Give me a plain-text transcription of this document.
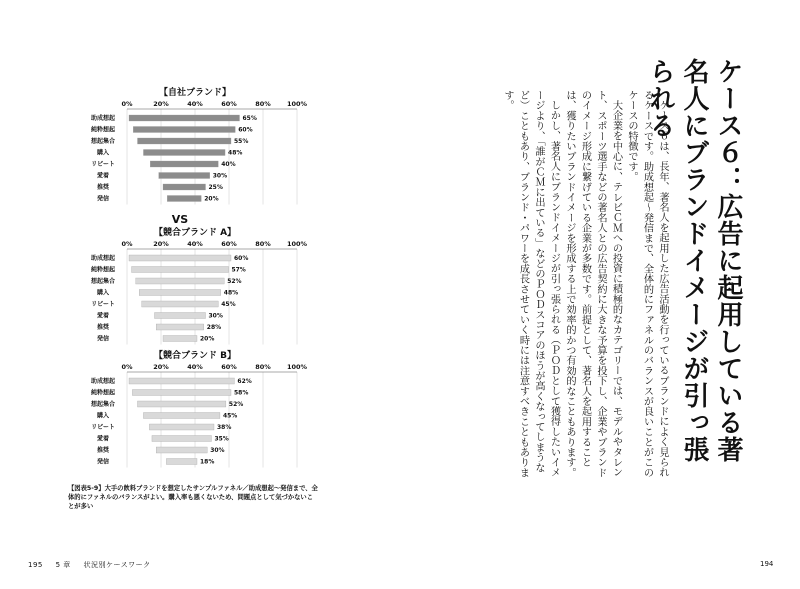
【自社ブランド】
0%	20%	40%	60%	80% 100%
助成想起	65%
純粋想起	60%
想起集合	55%
購入	48%
リピート	40%
愛着	30%
推奨	25%
発信	20%
VS
【競合ブランド A】
0%	20%	40%	60%	80% 100%
助成想起	60%
純粋想起	57%
想起集合	52%
購入	48%
リピート	45%
愛着	30%
推奨	28%
発信	20%
【競合ブランド B】
0%	20%	40%	60%	80% 100%
助成想起	62%
純粋想起	58%
想起集合	52%
購入	45%
リピート	38%
愛着	35%
推奨	30%
発信	18%
【図表5-9】大手の飲料ブランドを想定したサンプルファネル／助成想起〜発信まで、全体的にファネルのバランスがよい。購入率も悪くないため、問題点として気づかないことが多い
ケース６：広告に起用している著名人にブランドイメージが引っ張られる

ケース６は、長年、著名人を起用した広告活動を行っているブランドによく見られるケースです。助成想起〜発信まで、全体的にファネルのバランスが良いことがこのケースの特徴です。

大企業を中心に、テレビＣＭへの投資に積極的なカテゴリーでは、モデルやタレント、スポーツ選手などの著名人との広告契約に大きな予算を投下し、企業やブランドのイメージ形成に繋げている企業が多数です。前提として、著名人を起用することは、獲りたいブランドイメージを形成する上で効率的かつ有効的なこともあります。

しかし、著名人にブランドイメージが引っ張られる（ＰＯＤとして獲得したいイメージより、「誰がＣＭに出ている」などのＰＯＤスコアのほうが高くなってしまうなど）こともあり、ブランド・パワーを成長させていく時には注意すべきこともあります。

195 5 章 状況別ケースワーク	194
